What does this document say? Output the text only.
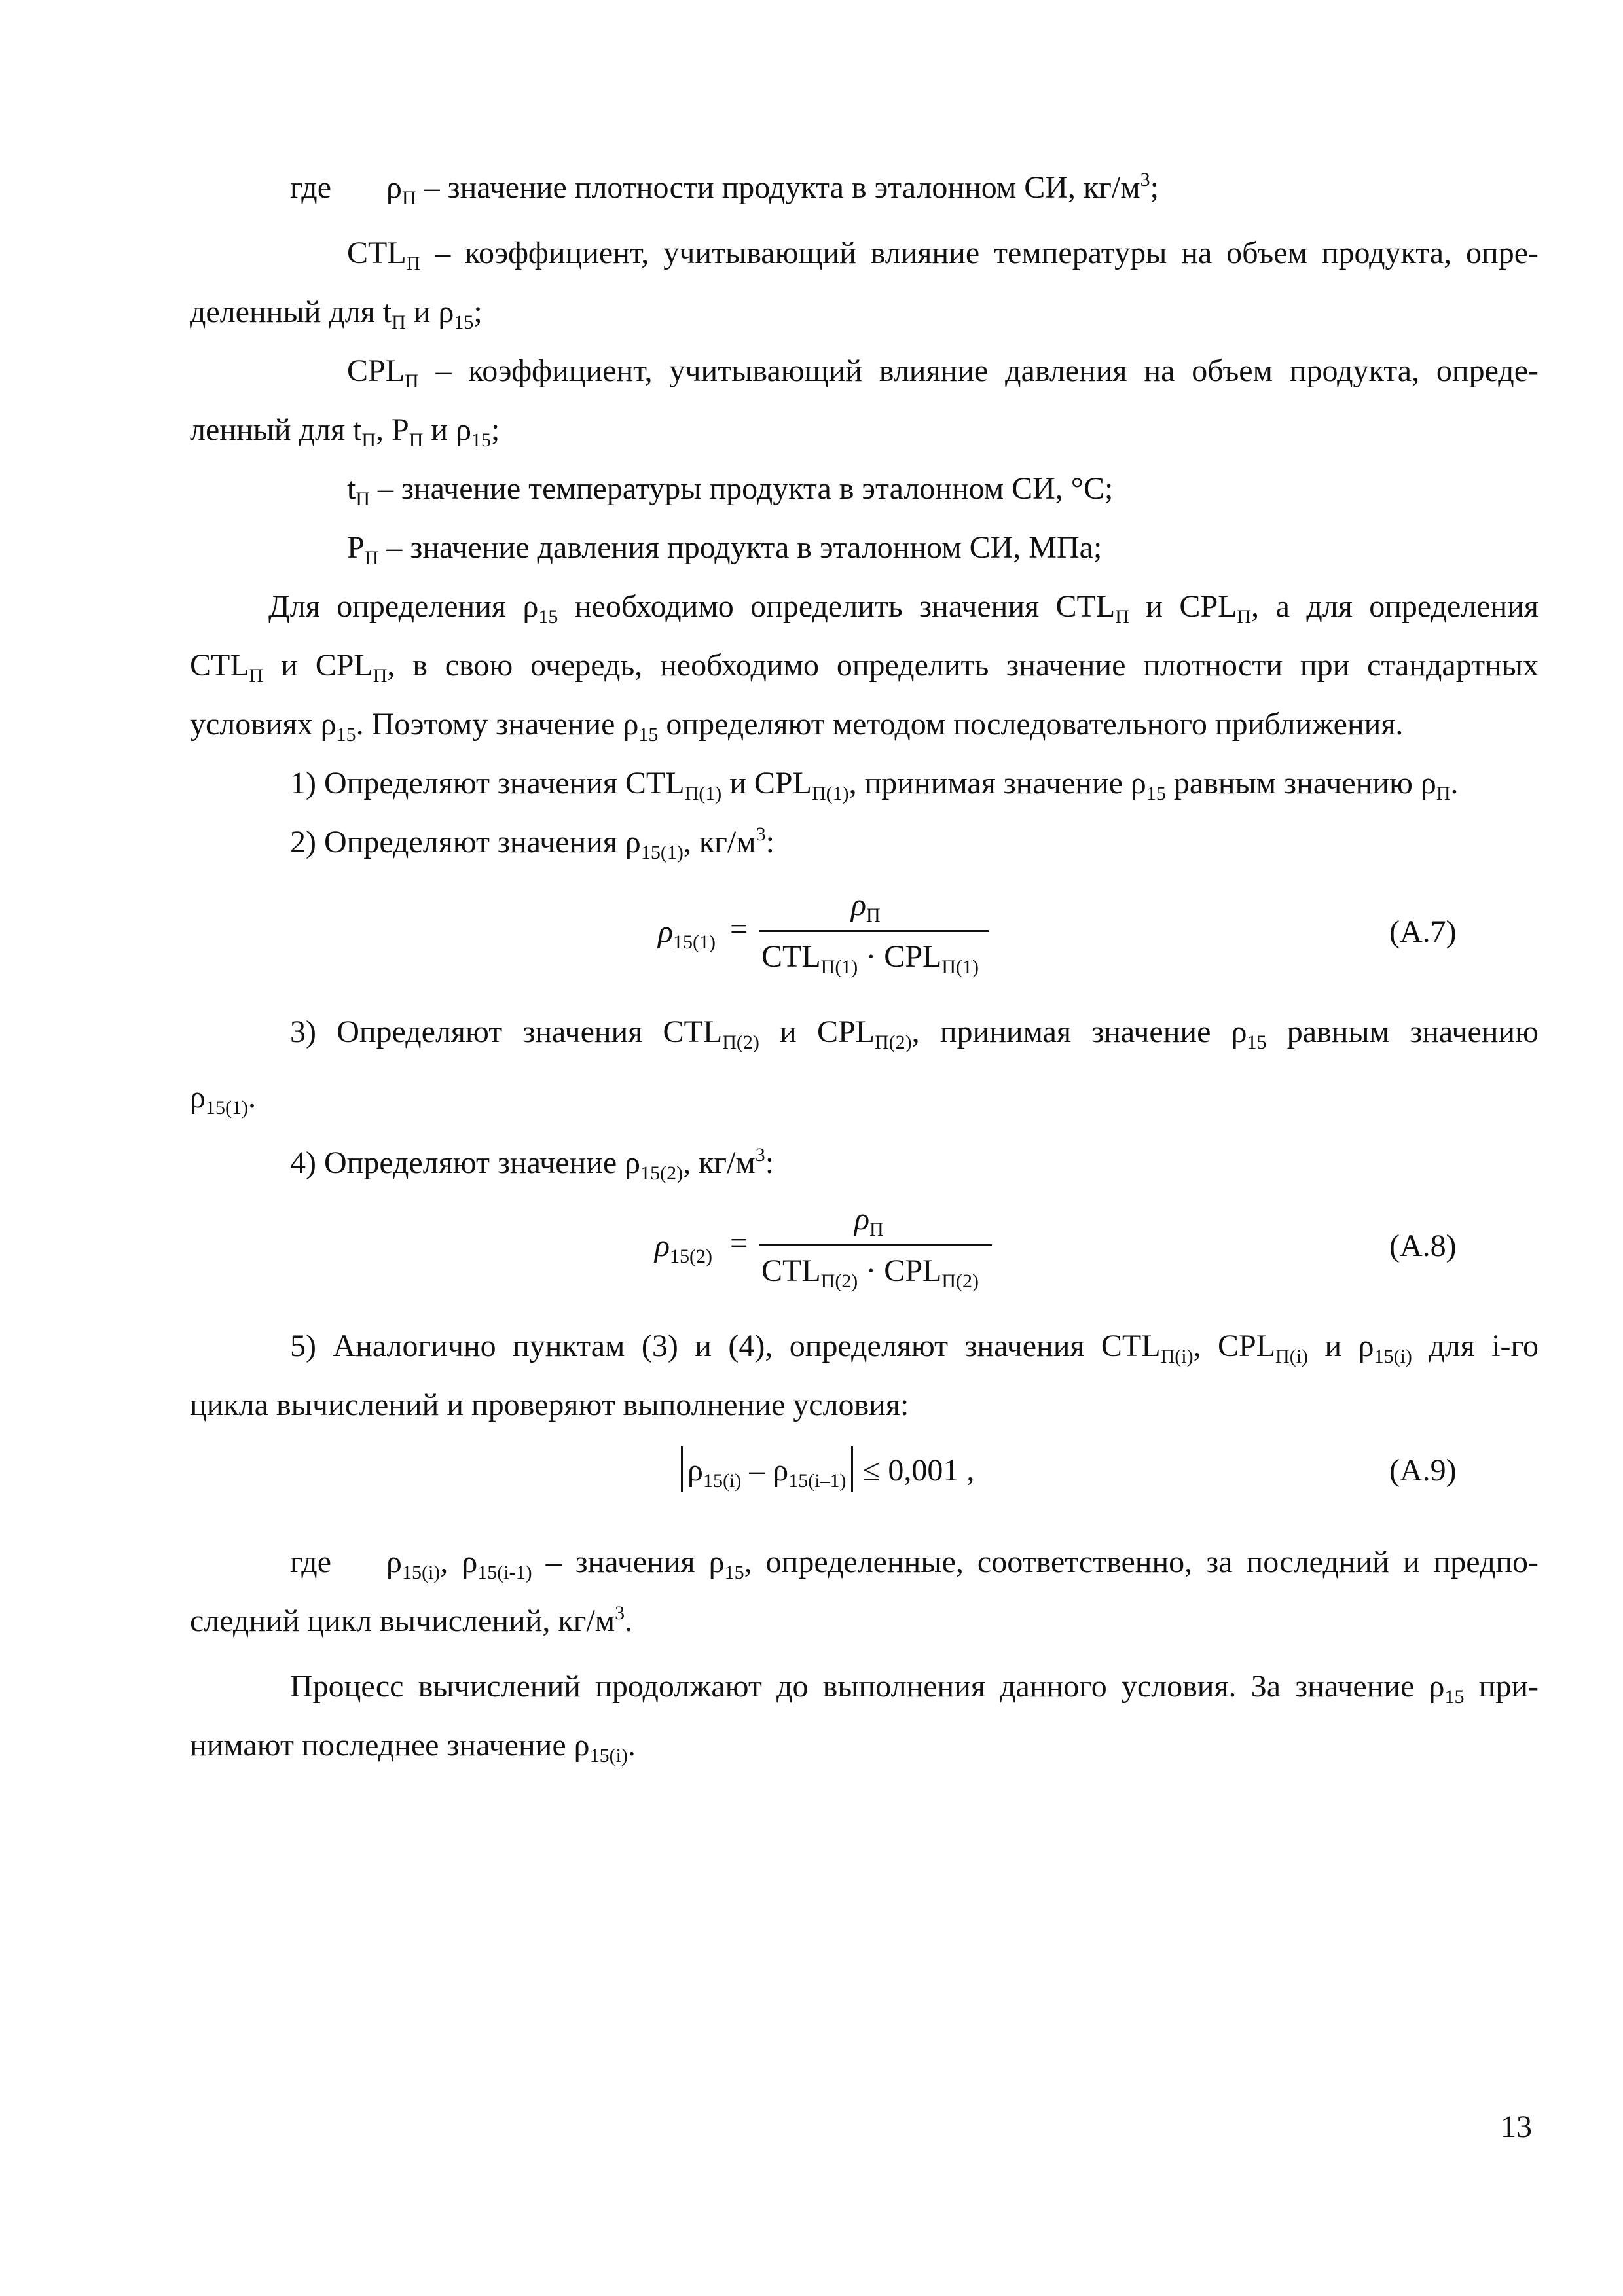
где $\rho_П$ – значение плотности продукта в эталонном СИ, $кг/м^3$;
$CTL_П$ – коэффициент, учитывающий влияние температуры на объем продукта, опре-
деленный для $t_П$ и $\rho_{15}$;
$CPL_П$ – коэффициент, учитывающий влияние давления на объем продукта, опреде-
ленный для $t_П$, $P_П$ и $\rho_{15}$;
$t_П$ – значение температуры продукта в эталонном СИ, °C;
$P_П$ – значение давления продукта в эталонном СИ, МПа;
Для определения $\rho_{15}$ необходимо определить значения $CTL_П$ и $CPL_П$, а для определения
$CTL_П$ и $CPL_П$, в свою очередь, необходимо определить значение плотности при стандартных
условиях $\rho_{15}$. Поэтому значение $\rho_{15}$ определяют методом последовательного приближения.
1) Определяют значения $CTL_{П(1)}$ и $CPL_{П(1)}$, принимая значение $\rho_{15}$ равным значению $\rho_П$.
2) Определяют значения $\rho_{15(1)}$, $кг/м^3$:
$\rho_{15(1)}$ =
$\rho_П$
$CTL_{П(1)} \cdot CPL_{П(1)}$
(А.7)
3) Определяют значения $CTL_{П(2)}$ и $CPL_{П(2)}$, принимая значение $\rho_{15}$ равным значению
$\rho_{15(1)}$.
4) Определяют значение $\rho_{15(2)}$, $кг/м^3$:
$\rho_{15(2)}$ =
$\rho_П$
$CTL_{П(2)} \cdot CPL_{П(2)}$
(А.8)
5) Аналогично пунктам (3) и (4), определяют значения $CTL_{П(i)}$, $CPL_{П(i)}$ и $\rho_{15(i)}$ для i-го
цикла вычислений и проверяют выполнение условия:
$\rho_{15(i)} - \rho_{15(i-1)} \le 0,001$ ,	(А.9)
где $\rho_{15(i)}$, $\rho_{15(i-1)}$ – значения $\rho_{15}$, определенные, соответственно, за последний и предпо-
следний цикл вычислений, $кг/м^3$.
Процесс вычислений продолжают до выполнения данного условия. За значение $\rho_{15}$ при-
нимают последнее значение $\rho_{15(i)}$.
13
